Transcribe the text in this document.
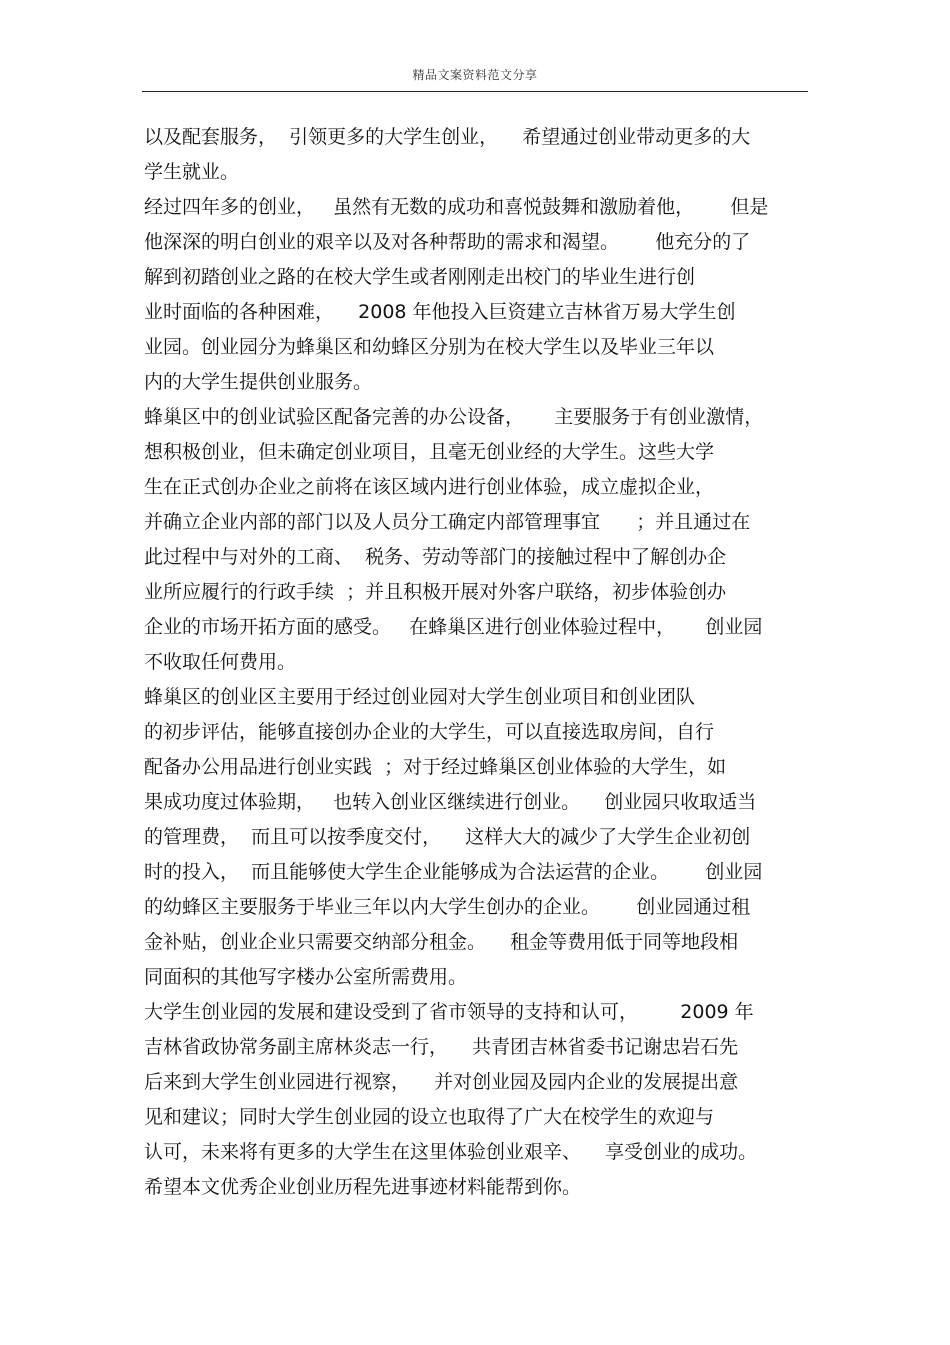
精品文案资料范文分享
以及配套服务，  引领更多的大学生创业，    希望通过创业带动更多的大
学生就业。
经过四年多的创业，   虽然有无数的成功和喜悦鼓舞和激励着他，      但是
他深深的明白创业的艰辛以及对各种帮助的需求和渴望。      他充分的了
解到初踏创业之路的在校大学生或者刚刚走出校门的毕业生进行创
业时面临的各种困难，    2008 年他投入巨资建立吉林省万易大学生创
业园。创业园分为蜂巢区和幼蜂区分别为在校大学生以及毕业三年以
内的大学生提供创业服务。
蜂巢区中的创业试验区配备完善的办公设备，     主要服务于有创业激情，
想积极创业，但未确定创业项目，且毫无创业经的大学生。这些大学
生在正式创办企业之前将在该区域内进行创业体验，成立虚拟企业，
并确立企业内部的部门以及人员分工确定内部管理事宜      ；并且通过在
此过程中与对外的工商、  税务、劳动等部门的接触过程中了解创办企
业所应履行的行政手续  ；并且积极开展对外客户联络，初步体验创办
企业的市场开拓方面的感受。   在蜂巢区进行创业体验过程中，     创业园
不收取任何费用。
蜂巢区的创业区主要用于经过创业园对大学生创业项目和创业团队
的初步评估，能够直接创办企业的大学生，可以直接选取房间，自行
配备办公用品进行创业实践  ；对于经过蜂巢区创业体验的大学生，如
果成功度过体验期，   也转入创业区继续进行创业。    创业园只收取适当
的管理费，  而且可以按季度交付，    这样大大的减少了大学生企业初创
时的投入，  而且能够使大学生企业能够成为合法运营的企业。      创业园
的幼蜂区主要服务于毕业三年以内大学生创办的企业。      创业园通过租
金补贴，创业企业只需要交纳部分租金。    租金等费用低于同等地段相
同面积的其他写字楼办公室所需费用。
大学生创业园的发展和建设受到了省市领导的支持和认可，       2009 年
吉林省政协常务副主席林炎志一行，    共青团吉林省委书记谢忠岩石先
后来到大学生创业园进行视察，    并对创业园及园内企业的发展提出意
见和建议；同时大学生创业园的设立也取得了广大在校学生的欢迎与
认可，未来将有更多的大学生在这里体验创业艰辛、    享受创业的成功。
希望本文优秀企业创业历程先进事迹材料能帮到你。
